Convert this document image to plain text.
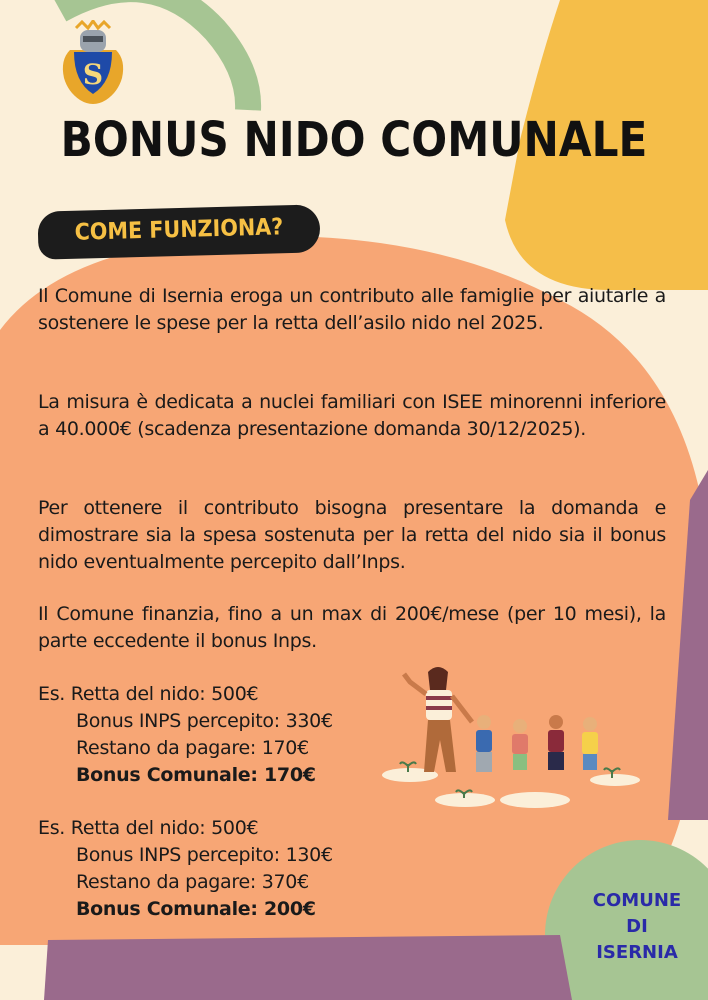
S
BONUS NIDO COMUNALE
COME FUNZIONA?

Il Comune di Isernia eroga un contributo alle famiglie per aiutarle a sostenere le spese per la retta dell’asilo nido nel 2025.

La misura è dedicata a nuclei familiari con ISEE minorenni inferiore a 40.000€ (scadenza presentazione domanda 30/12/2025).

Per ottenere il contributo bisogna presentare la domanda e dimostrare sia la spesa sostenuta per la retta del nido sia il bonus nido eventualmente percepito dall’Inps.

Il Comune finanzia, fino a un max di 200€/mese (per 10 mesi), la parte eccedente il bonus Inps.

Es. Retta del nido: 500€
Bonus INPS percepito: 330€
Restano da pagare: 170€
Bonus Comunale: 170€
Es. Retta del nido: 500€
Bonus INPS percepito: 130€
Restano da pagare: 370€
Bonus Comunale: 200€	COMUNE
DI
ISERNIA
